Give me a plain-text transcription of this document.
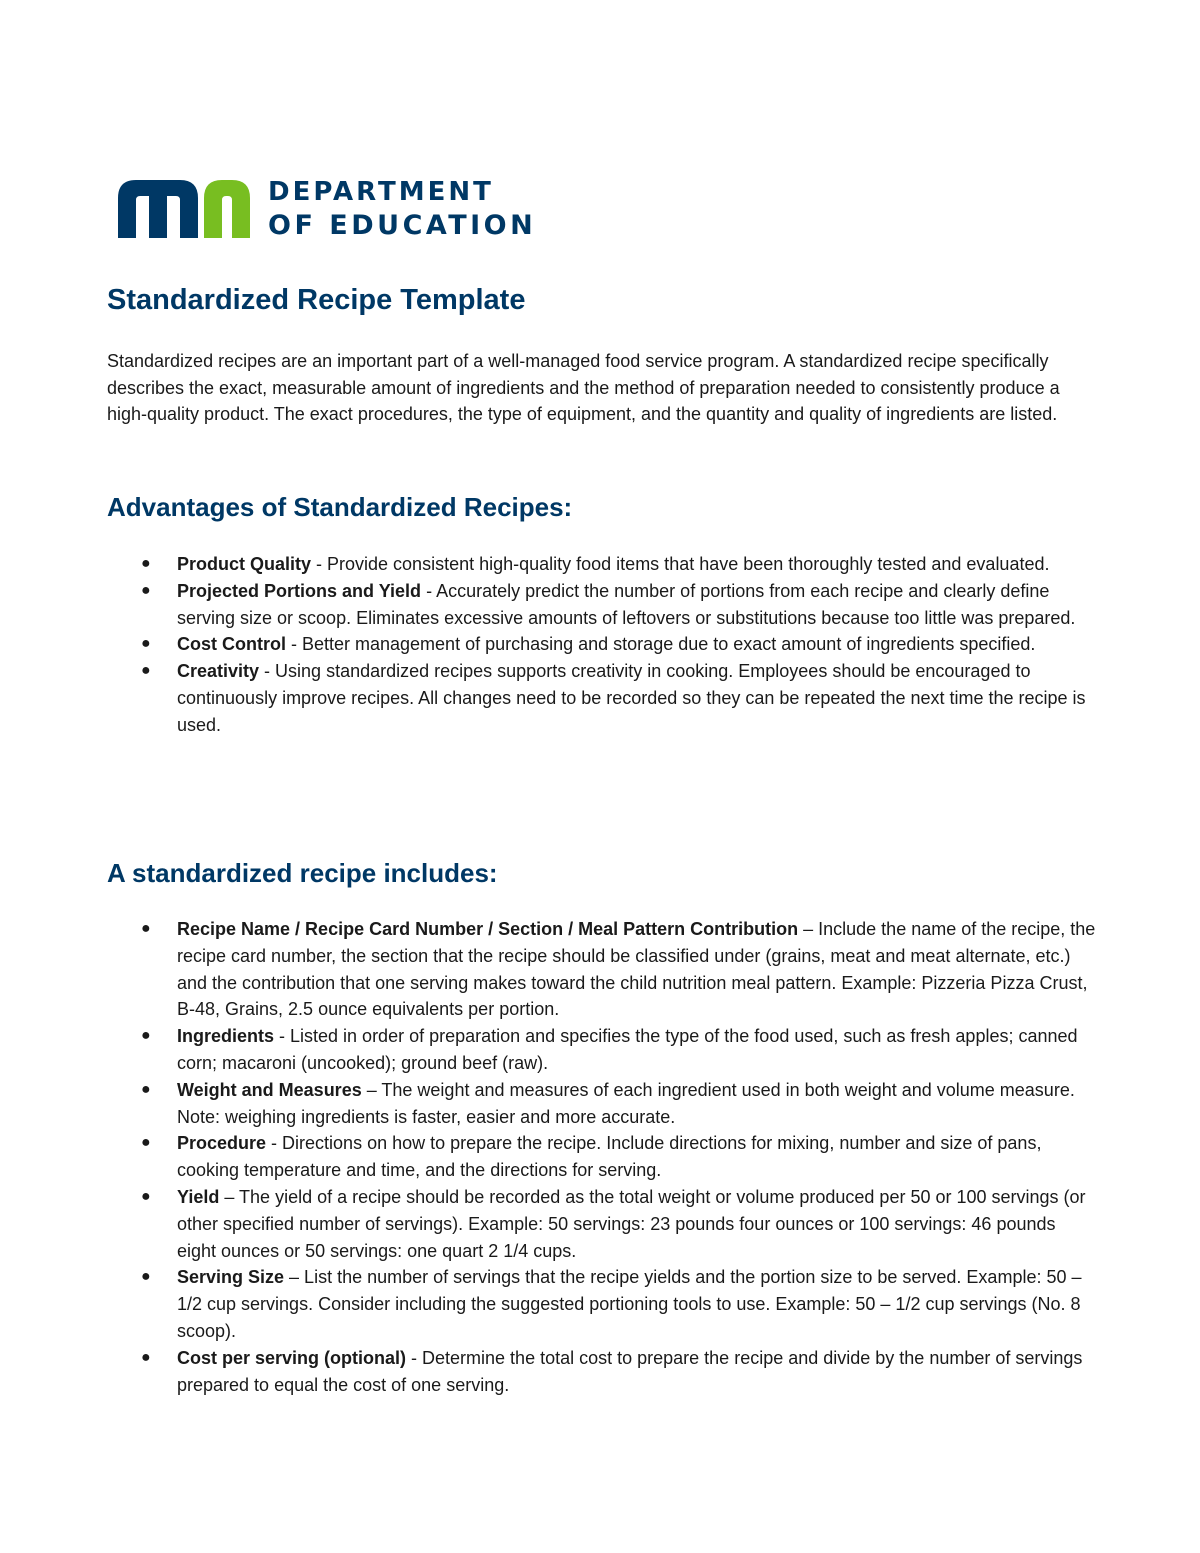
DEPARTMENT
OF EDUCATION
Standardized Recipe Template

Standardized recipes are an important part of a well-managed food service program. A standardized recipe specifically describes the exact, measurable amount of ingredients and the method of preparation needed to consistently produce a high-quality product. The exact procedures, the type of equipment, and the quantity and quality of ingredients are listed.

Advantages of Standardized Recipes:
● Product Quality - Provide consistent high-quality food items that have been thoroughly tested and evaluated.
● Projected Portions and Yield - Accurately predict the number of portions from each recipe and clearly define serving size or scoop. Eliminates excessive amounts of leftovers or substitutions because too little was prepared.
● Cost Control - Better management of purchasing and storage due to exact amount of ingredients specified.
● Creativity - Using standardized recipes supports creativity in cooking. Employees should be encouraged to continuously improve recipes. All changes need to be recorded so they can be repeated the next time the recipe is used.
A standardized recipe includes:
● Recipe Name / Recipe Card Number / Section / Meal Pattern Contribution – Include the name of the recipe, the recipe card number, the section that the recipe should be classified under (grains, meat and meat alternate, etc.) and the contribution that one serving makes toward the child nutrition meal pattern. Example: Pizzeria Pizza Crust, B-48, Grains, 2.5 ounce equivalents per portion.
● Ingredients - Listed in order of preparation and specifies the type of the food used, such as fresh apples; canned corn; macaroni (uncooked); ground beef (raw).
● Weight and Measures – The weight and measures of each ingredient used in both weight and volume measure. Note: weighing ingredients is faster, easier and more accurate.
● Procedure - Directions on how to prepare the recipe. Include directions for mixing, number and size of pans, cooking temperature and time, and the directions for serving.
● Yield – The yield of a recipe should be recorded as the total weight or volume produced per 50 or 100 servings (or other specified number of servings). Example: 50 servings: 23 pounds four ounces or 100 servings: 46 pounds eight ounces or 50 servings: one quart 2 1/4 cups.
● Serving Size – List the number of servings that the recipe yields and the portion size to be served. Example: 50 – 1/2 cup servings. Consider including the suggested portioning tools to use. Example: 50 – 1/2 cup servings (No. 8 scoop).
● Cost per serving (optional) - Determine the total cost to prepare the recipe and divide by the number of servings prepared to equal the cost of one serving.
